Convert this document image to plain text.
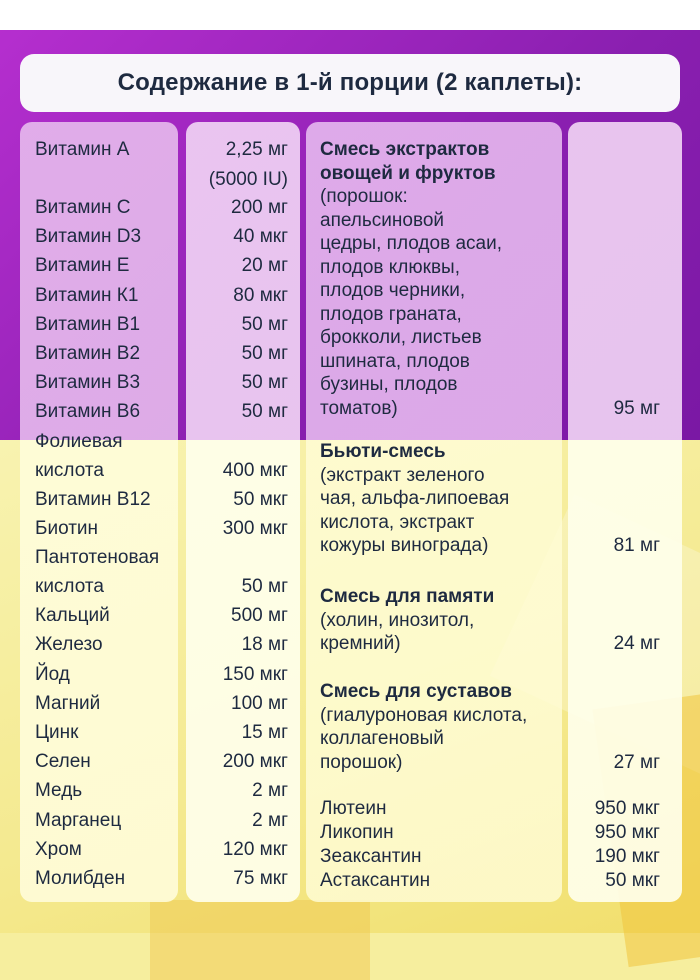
Содержание в 1-й порции (2 каплеты):
Витамин А	2,25 мг
(5000 IU)
Витамин С	200 мг
Витамин D3	40 мкг
Витамин Е	20 мг
Витамин К1	80 мкг
Витамин В1	50 мг
Витамин В2	50 мг
Витамин В3	50 мг
Витамин В6	50 мг
Фолиевая
кислота	400 мкг
Витамин В12	50 мкг
Биотин	300 мкг
Пантотеновая
кислота	50 мг
Кальций	500 мг
Железо	18 мг
Йод	150 мкг
Магний	100 мг
Цинк	15 мг
Селен	200 мкг
Медь	2 мг
Марганец	2 мг
Хром	120 мкг
Молибден	75 мкг
Смесь экстрактов
овощей и фруктов
(порошок:
апельсиновой
цедры, плодов асаи,
плодов клюквы,
плодов черники,
плодов граната,
брокколи, листьев
шпината, плодов
бузины, плодов
томатов)	95 мг
Бьюти-смесь
(экстракт зеленого
чая, альфа-липоевая
кислота, экстракт
кожуры винограда)	81 мг
Смесь для памяти
(холин, инозитол,
кремний)	24 мг
Смесь для суставов
(гиалуроновая кислота,
коллагеновый
порошок)	27 мг
Лютеин	950 мкг
Ликопин	950 мкг
Зеаксантин	190 мкг
Астаксантин	50 мкг
